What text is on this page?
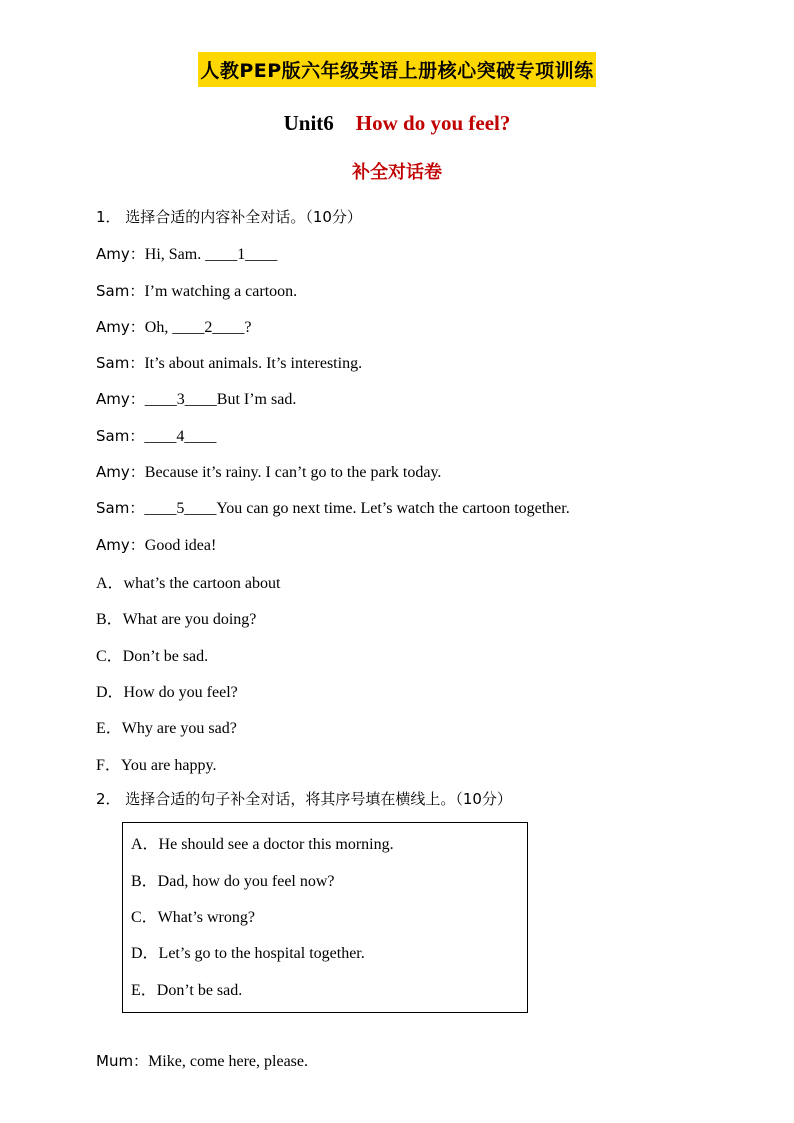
人教PEP版六年级英语上册核心突破专项训练
Unit6 How do you feel?
补全对话卷
1． 选择合适的内容补全对话。（10分）
Amy：Hi, Sam. ____1____
Sam：I’m watching a cartoon.
Amy：Oh, ____2____?
Sam：It’s about animals. It’s interesting.
Amy：____3____But I’m sad.
Sam：____4____
Amy：Because it’s rainy. I can’t go to the park today.
Sam：____5____You can go next time. Let’s watch the cartoon together.
Amy：Good idea!
A．what’s the cartoon about
B．What are you doing?
C．Don’t be sad.
D．How do you feel?
E．Why are you sad?
F．You are happy.
2． 选择合适的句子补全对话，将其序号填在横线上。（10分）
A．He should see a doctor this morning.
B．Dad, how do you feel now?
C．What’s wrong?
D．Let’s go to the hospital together.
E．Don’t be sad.
Mum：Mike, come here, please.
